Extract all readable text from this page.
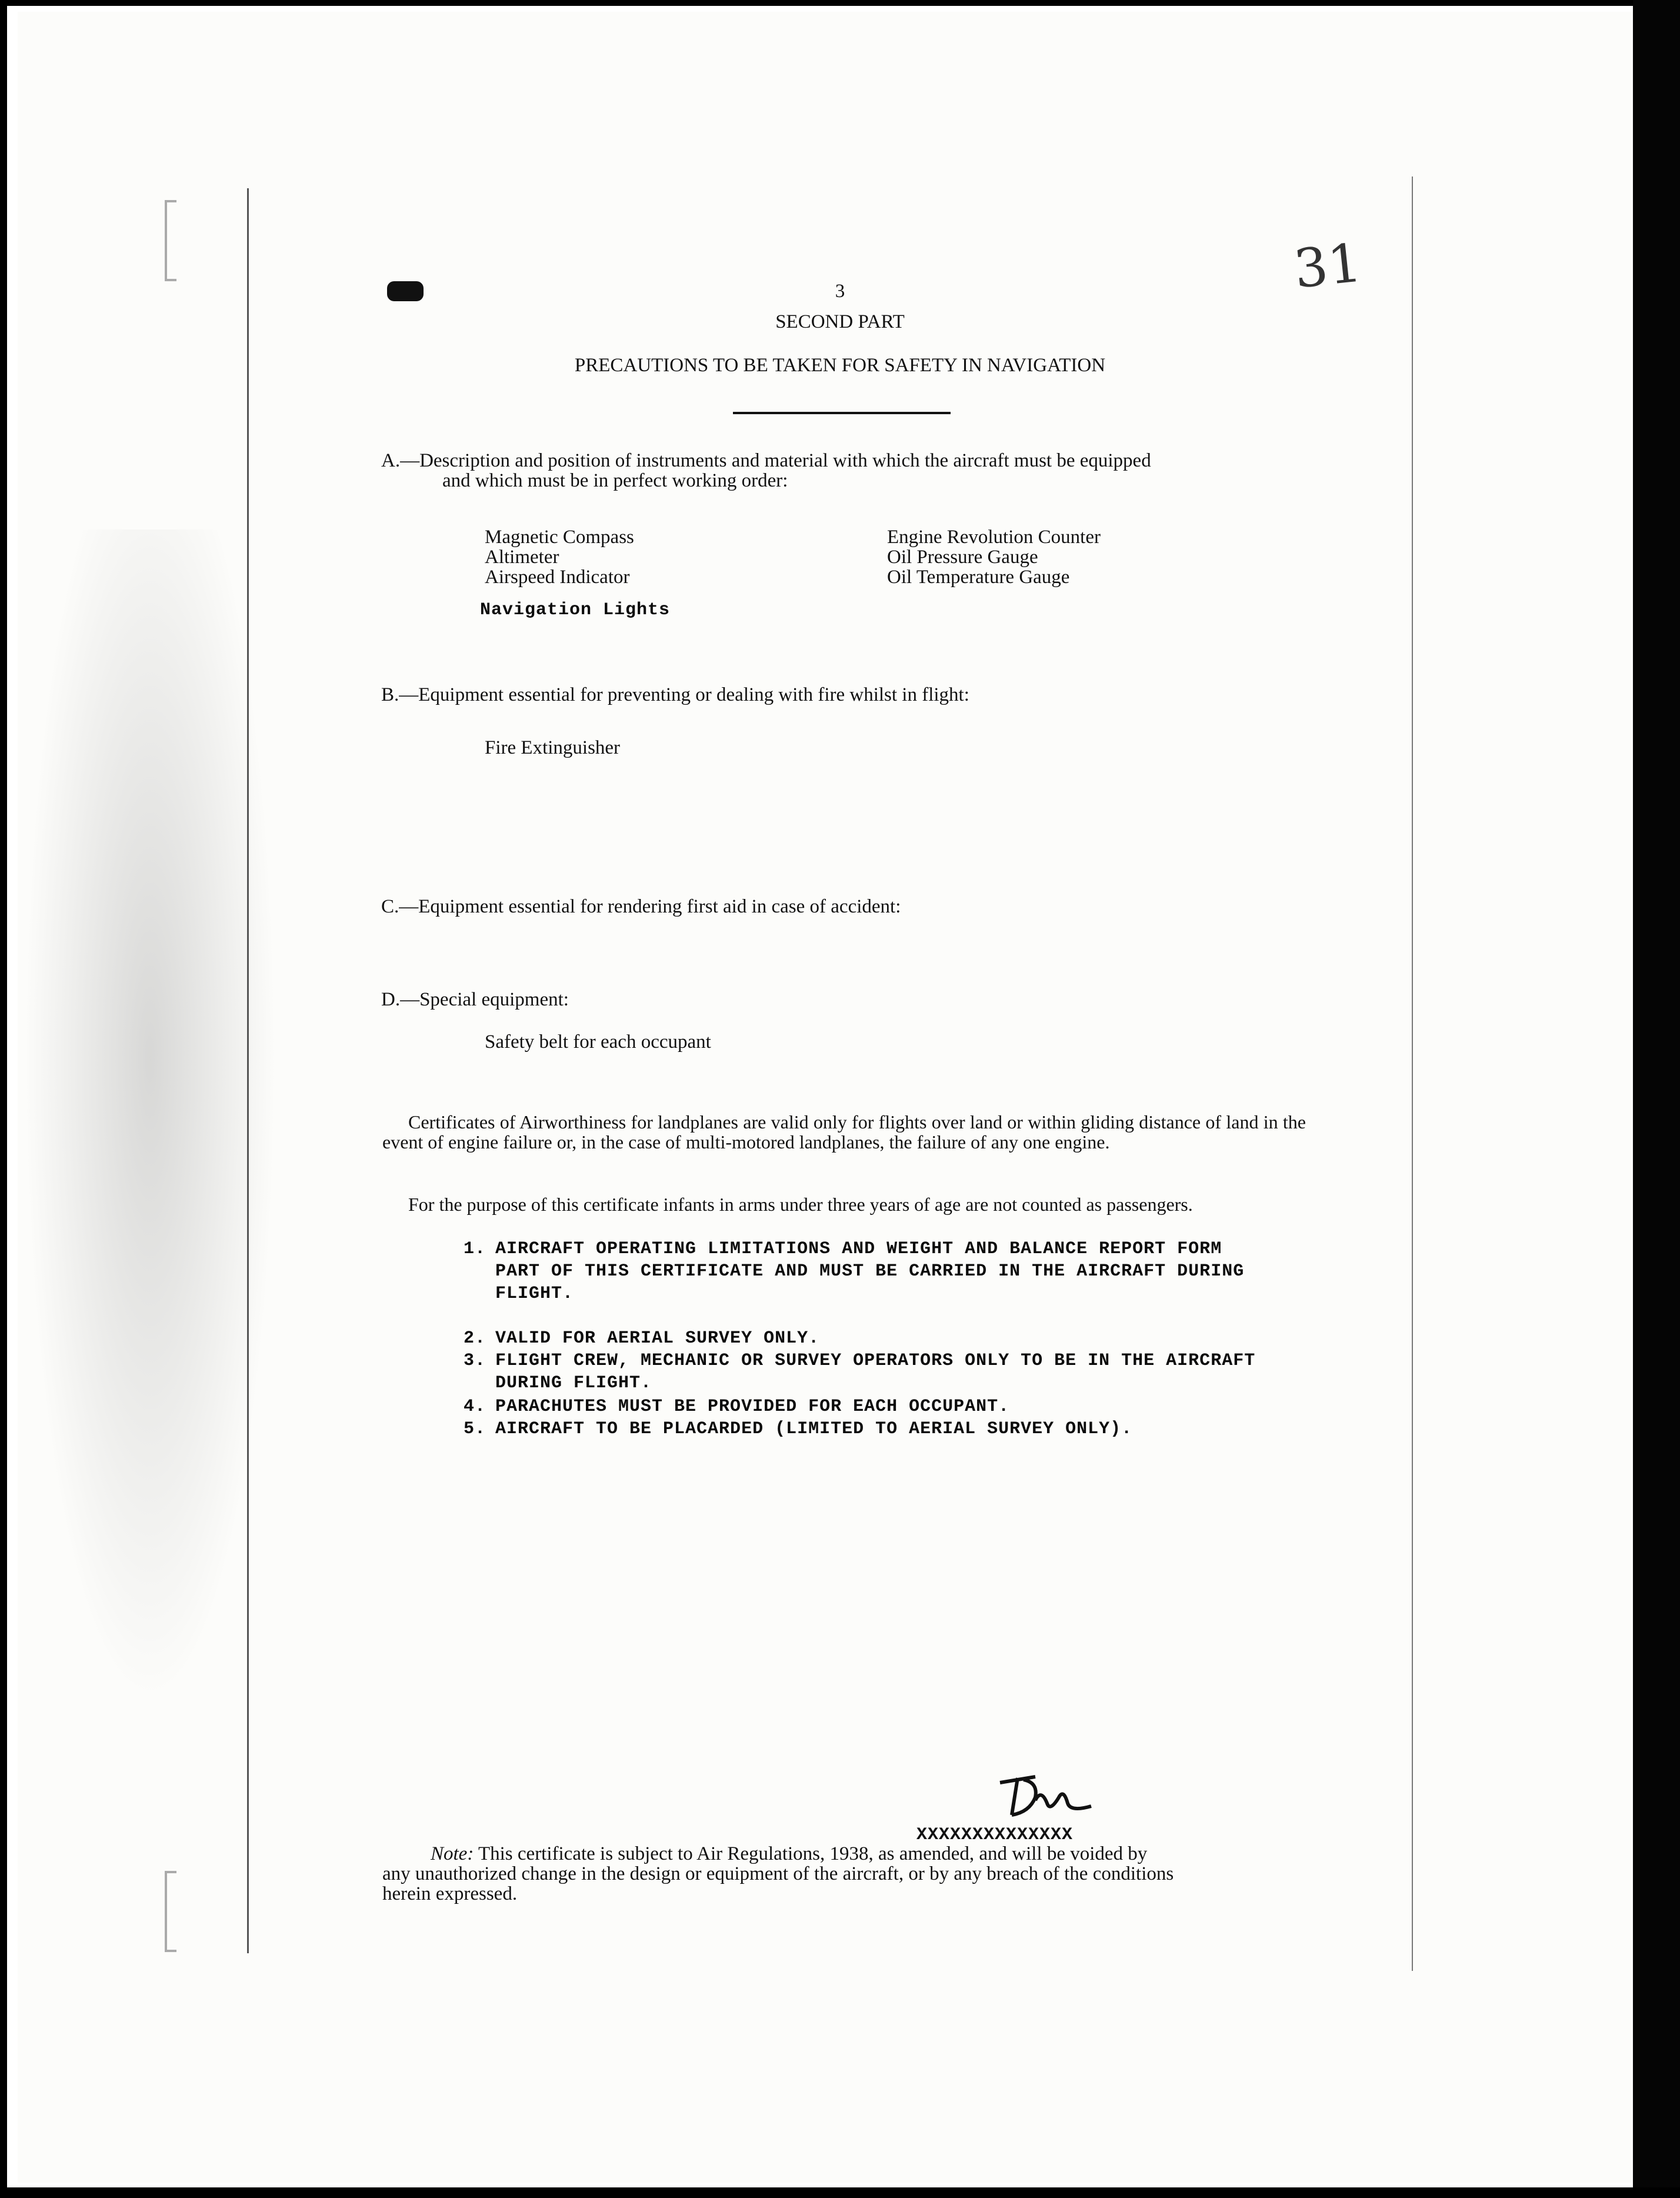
31
3
SECOND PART
PRECAUTIONS TO BE TAKEN FOR SAFETY IN NAVIGATION
A.—Description and position of instruments and material with which the aircraft must be equipped
and which must be in perfect working order:
Magnetic Compass
Altimeter
Airspeed Indicator
Engine Revolution Counter
Oil Pressure Gauge
Oil Temperature Gauge
Navigation Lights
B.—Equipment essential for preventing or dealing with fire whilst in flight:
Fire Extinguisher
C.—Equipment essential for rendering first aid in case of accident:
D.—Special equipment:
Safety belt for each occupant
Certificates of Airworthiness for landplanes are valid only for flights over land or within gliding distance of land in the event of engine failure or, in the case of multi-motored landplanes, the failure of any one engine.
For the purpose of this certificate infants in arms under three years of age are not counted as passengers.
1. AIRCRAFT OPERATING LIMITATIONS AND WEIGHT AND BALANCE REPORT FORM
PART OF THIS CERTIFICATE AND MUST BE CARRIED IN THE AIRCRAFT DURING
FLIGHT.
2. VALID FOR AERIAL SURVEY ONLY.
3. FLIGHT CREW, MECHANIC OR SURVEY OPERATORS ONLY TO BE IN THE AIRCRAFT
DURING FLIGHT.
4. PARACHUTES MUST BE PROVIDED FOR EACH OCCUPANT.
5. AIRCRAFT TO BE PLACARDED (LIMITED TO AERIAL SURVEY ONLY).
XXXXXXXXXXXXXX
Note: This certificate is subject to Air Regulations, 1938, as amended, and will be voided by
any unauthorized change in the design or equipment of the aircraft, or by any breach of the conditions
herein expressed.
